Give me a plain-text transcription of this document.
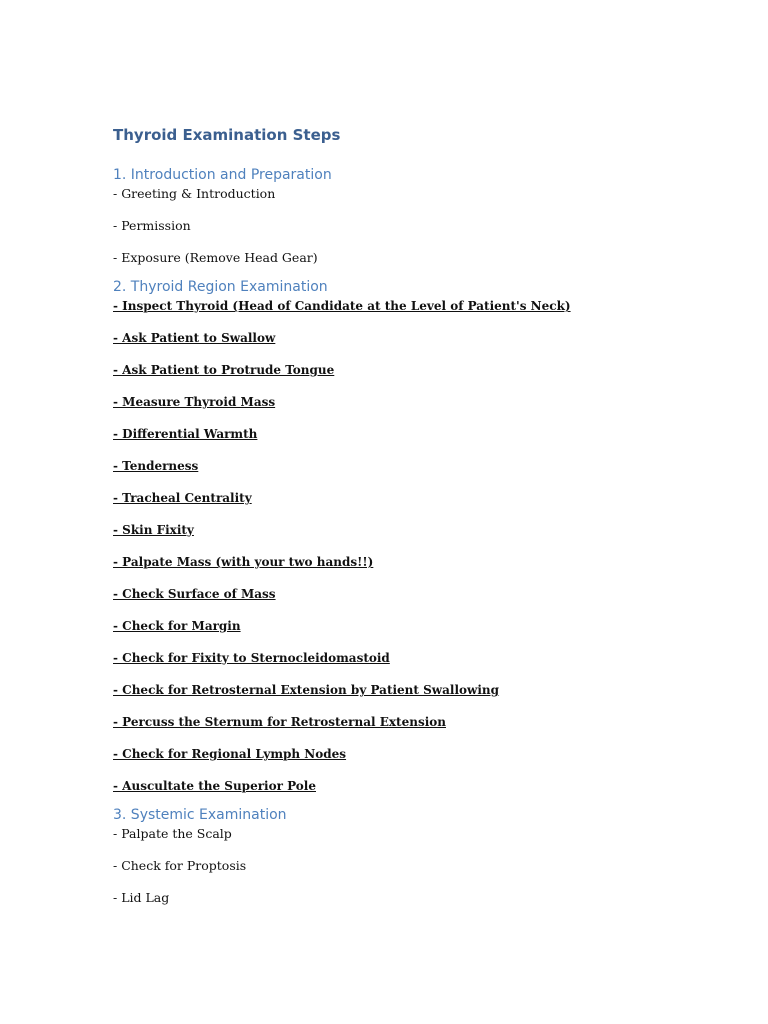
Thyroid Examination Steps
1. Introduction and Preparation

- Greeting & Introduction

- Permission

- Exposure (Remove Head Gear)

2. Thyroid Region Examination

- Inspect Thyroid (Head of Candidate at the Level of Patient's Neck)

- Ask Patient to Swallow

- Ask Patient to Protrude Tongue

- Measure Thyroid Mass

- Differential Warmth

- Tenderness

- Tracheal Centrality

- Skin Fixity

- Palpate Mass (with your two hands!!)

- Check Surface of Mass

- Check for Margin

- Check for Fixity to Sternocleidomastoid

- Check for Retrosternal Extension by Patient Swallowing

- Percuss the Sternum for Retrosternal Extension

- Check for Regional Lymph Nodes

- Auscultate the Superior Pole

3. Systemic Examination

- Palpate the Scalp

- Check for Proptosis

- Lid Lag
